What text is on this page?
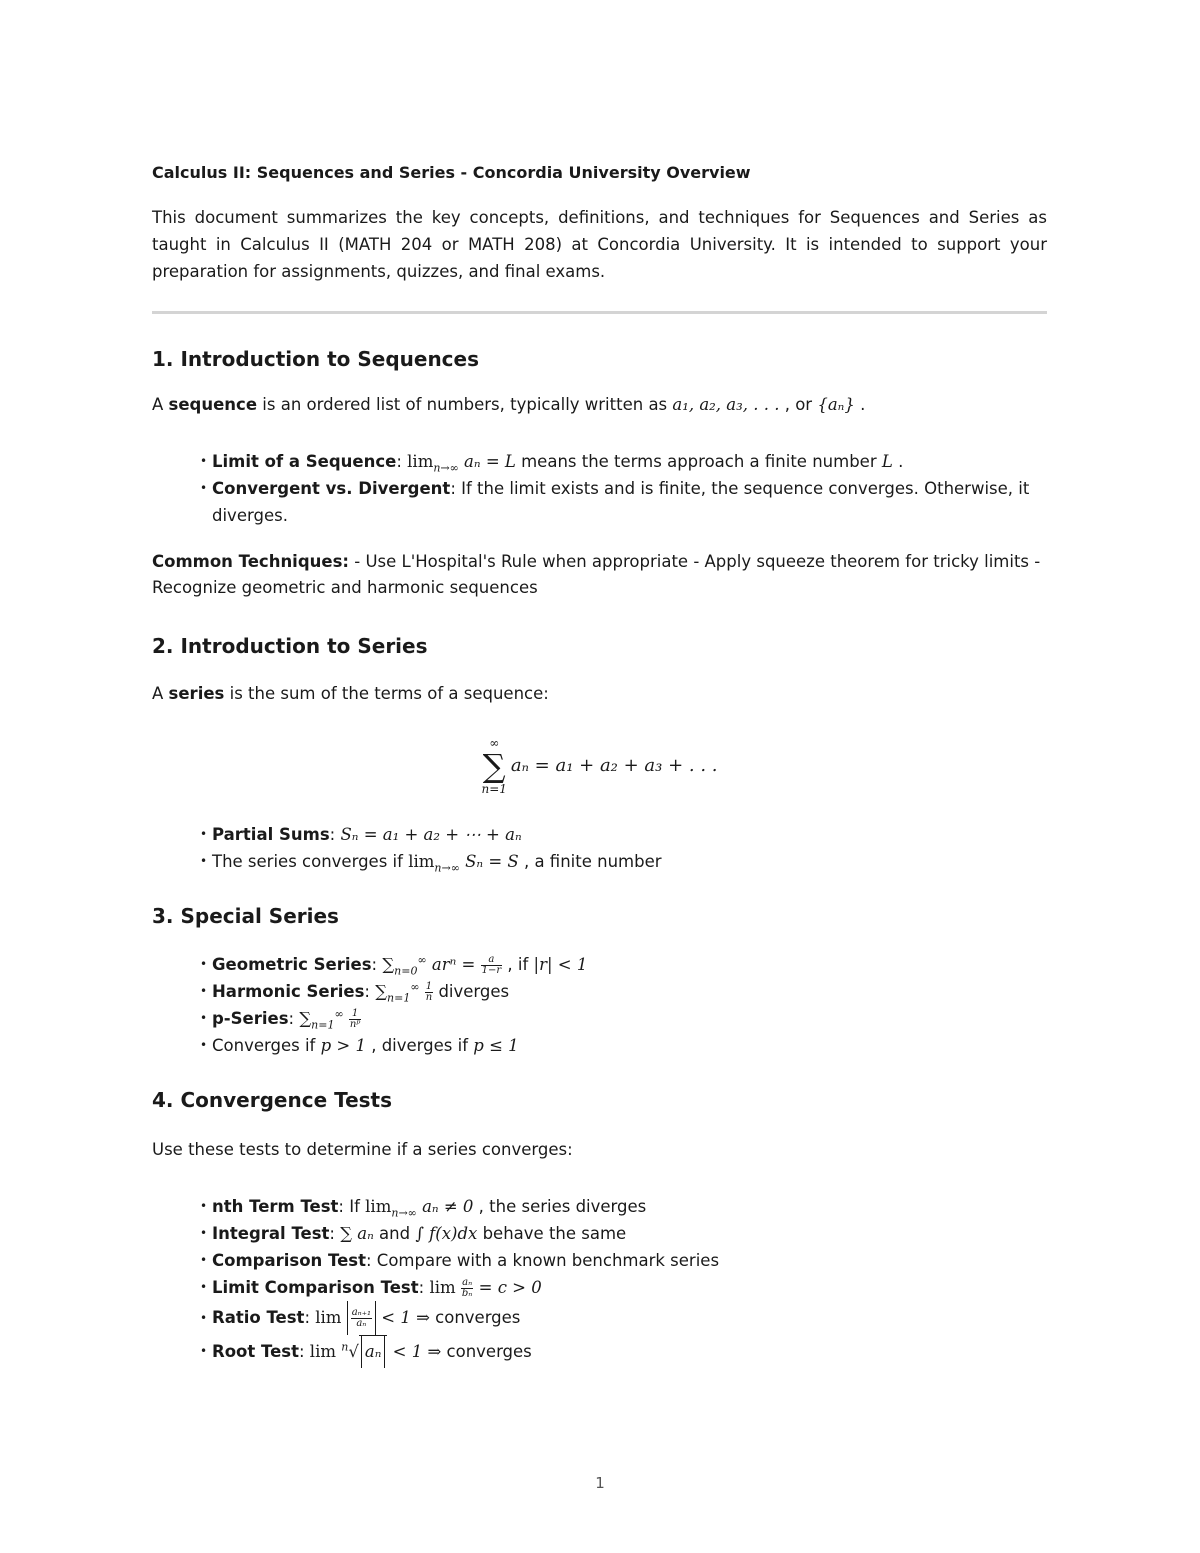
Calculus II: Sequences and Series - Concordia University Overview

This document summarizes the key concepts, definitions, and techniques for Sequences and Series as taught in Calculus II (MATH 204 or MATH 208) at Concordia University. It is intended to support your preparation for assignments, quizzes, and final exams.

1. Introduction to Sequences

A sequence is an ordered list of numbers, typically written as a₁, a₂, a₃, . . . , or {aₙ} .

• Limit of a Sequence: $\lim_{n\to\infty} a_n = L$ means the terms approach a finite number L .
• Convergent vs. Divergent: If the limit exists and is finite, the sequence converges. Otherwise, it diverges.

Common Techniques: - Use L'Hospital's Rule when appropriate - Apply squeeze theorem for tricky limits - Recognize geometric and harmonic sequences

2. Introduction to Series

A series is the sum of the terms of a sequence:

∞
∑
n=1
aₙ = a₁ + a₂ + a₃ + . . .
• Partial Sums: Sₙ = a₁ + a₂ + ⋯ + aₙ
• The series converges if $\lim_{n\to\infty} S_n = S$ , a finite number
3. Special Series
• Geometric Series: $\sum_{n=0}^\infty$ $ar^n = \frac{a}{1-r}$ , if |r| < 1
• Harmonic Series: $\sum_{n=1}^\infty \frac{1}{n}$ diverges
• p-Series: $\sum_{n=1}^\infty \frac{1}{\text{nᵖ}}$
• Converges if p > 1 , diverges if p ≤ 1
4. Convergence Tests

Use these tests to determine if a series converges:

• nth Term Test: If $\lim_{n\to\infty} a_n \ne 0$ , the series diverges
• Integral Test: ∑ aₙ and ∫ f(x)dx behave the same
• Comparison Test: Compare with a known benchmark series
• Limit Comparison Test: $\lim \frac{\text{aₙ}}{\text{bₙ}} = c > 0$
• Ratio Test: $\lim \frac{\text{aₙ₊₁}}{\text{aₙ}} < 1$ ⇒ converges
• Root Test: lim $^n$√ aₙ < 1 ⇒ converges
1
